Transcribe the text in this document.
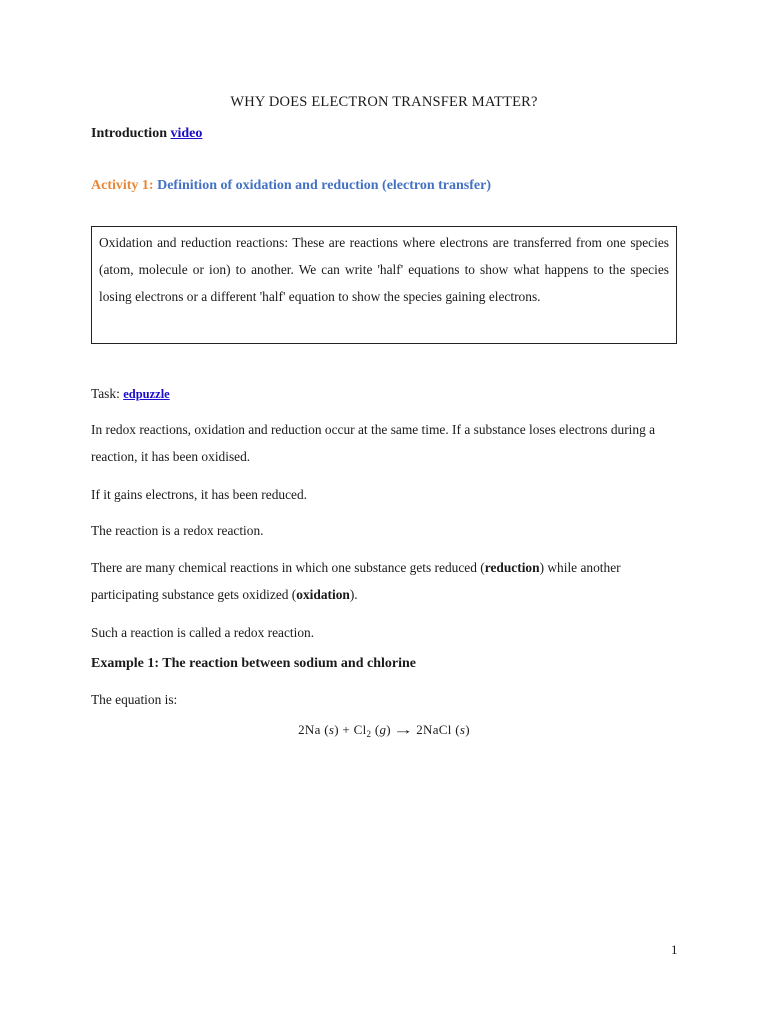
WHY DOES ELECTRON TRANSFER MATTER?

Introduction video

Activity 1: Definition of oxidation and reduction (electron transfer)

Oxidation and reduction reactions: These are reactions where electrons are transferred from one species (atom, molecule or ion) to another. We can write 'half' equations to show what happens to the species losing electrons or a different 'half' equation to show the species gaining electrons.

Task: edpuzzle

In redox reactions, oxidation and reduction occur at the same time. If a substance loses electrons during a reaction, it has been oxidised.

If it gains electrons, it has been reduced.

The reaction is a redox reaction.

There are many chemical reactions in which one substance gets reduced (reduction) while another participating substance gets oxidized (oxidation).

Such a reaction is called a redox reaction.

Example 1: The reaction between sodium and chlorine

The equation is:

2Na $(s) + Cl_2$ (g) → 2NaCl (s)

1
